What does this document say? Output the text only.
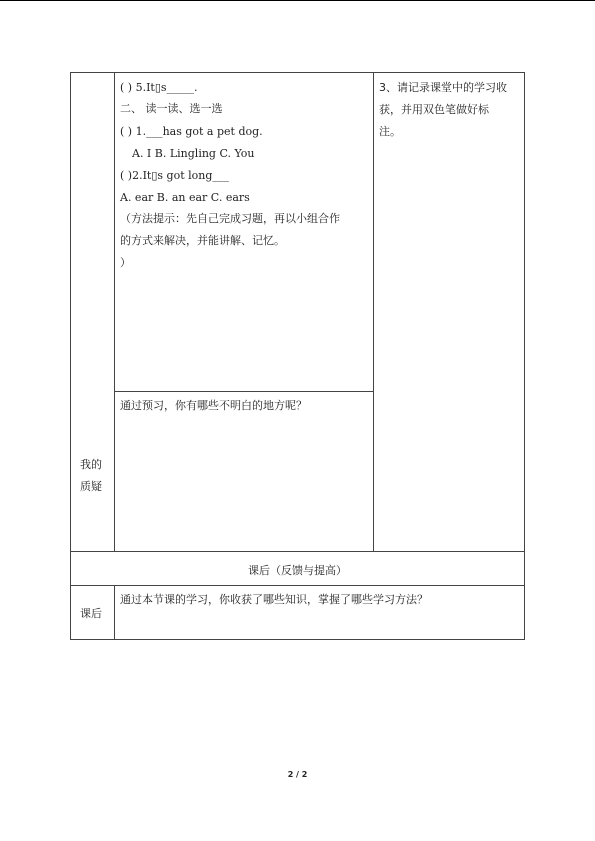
( ) 5.It▯s_____.
二、 读一读、选一选
( ) 1.___has got a pet dog.
A. I B. Lingling C. You
( )2.It▯s got long___
A. ear B. an ear C. ears
（方法提示：先自己完成习题，再以小组合作
的方式来解决，并能讲解、记忆。
）
3、请记录课堂中的学习收
获，并用双色笔做好标
注。
我的
质疑
通过预习，你有哪些不明白的地方呢？
课后（反馈与提高）
课后
通过本节课的学习，你收获了哪些知识，掌握了哪些学习方法？
2 / 2
